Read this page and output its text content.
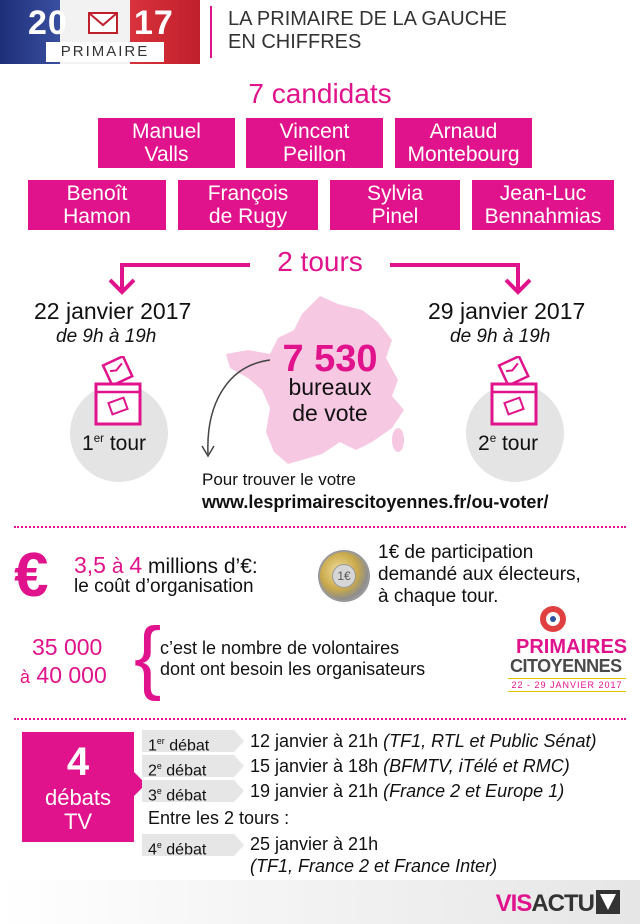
20 17
PRIMAIRE
LA PRIMAIRE DE LA GAUCHE
EN CHIFFRES
7 candidats
Manuel
Valls
Vincent
Peillon
Arnaud
Montebourg
Benoît
Hamon
François
de Rugy
Sylvia
Pinel
Jean-Luc
Bennahmias
2 tours
22 janvier 2017
de 9h à 19h
1er tour
29 janvier 2017
de 9h à 19h
2e tour
7 530
bureaux
de vote
Pour trouver le votre
www.lesprimairescitoyennes.fr/ou-voter/
€	3,5 à 4 millions d’€:
le coût d’organisation	1€
1€ de participation
demandé aux électeurs,
à chaque tour.
35 000
à 40 000 {
c’est le nombre de volontaires
dont ont besoin les organisateurs
PRIMAIRES
CITOYENNES
22 - 29 JANVIER 2017
4
débats
TV
1er débat	12 janvier à 21h (TF1, RTL et Public Sénat)
2e débat	15 janvier à 18h (BFMTV, iTélé et RMC)
3e débat	19 janvier à 21h (France 2 et Europe 1)
Entre les 2 tours :
4e débat	25 janvier à 21h
(TF1, France 2 et France Inter)
VISACTU
